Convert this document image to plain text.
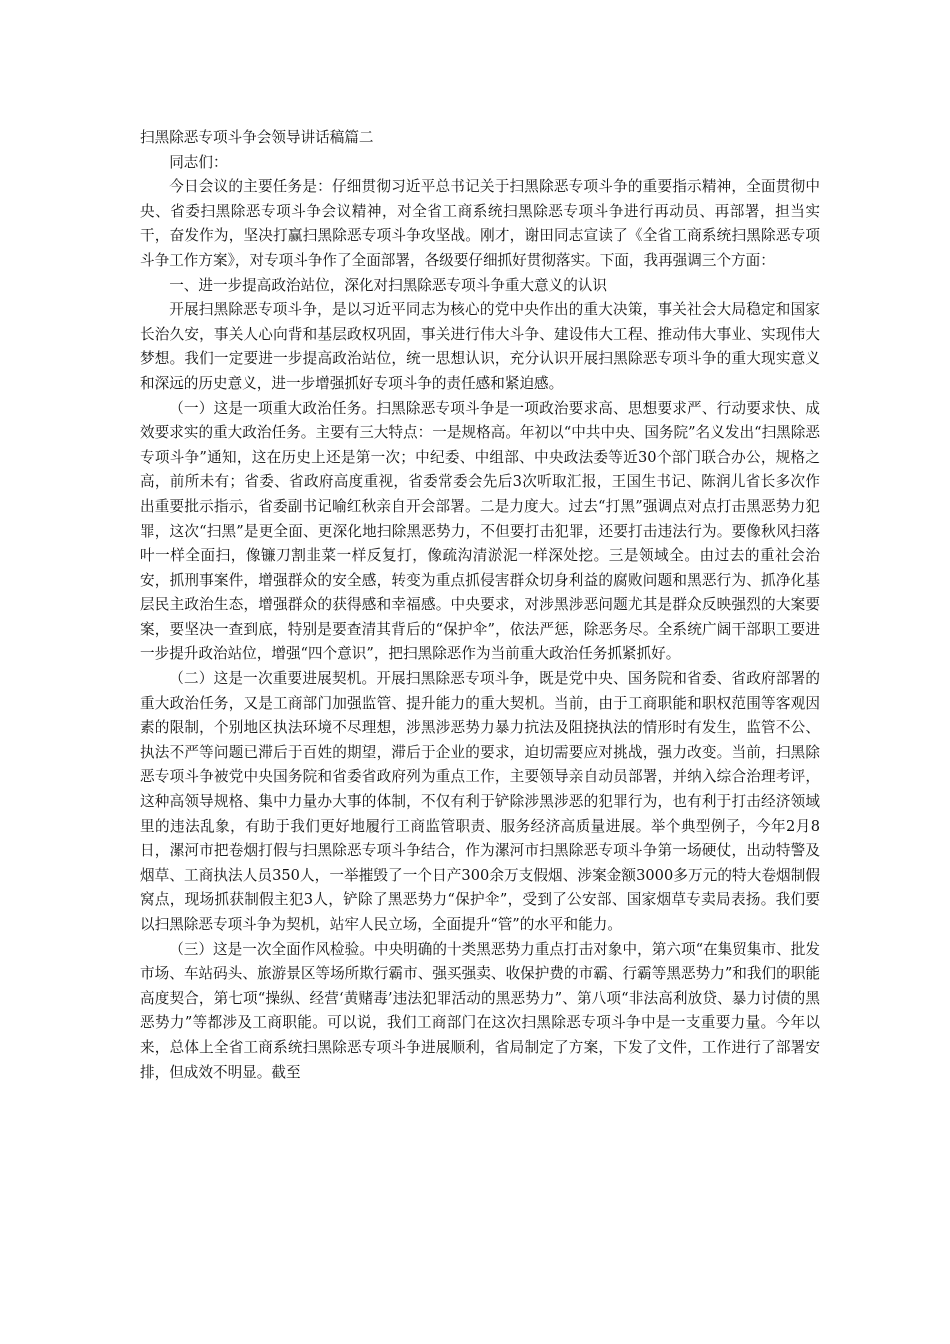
扫黑除恶专项斗争会领导讲话稿篇二

同志们：

今日会议的主要任务是：仔细贯彻习近平总书记关于扫黑除恶专项斗争的重要指示精神，全面贯彻中央、省委扫黑除恶专项斗争会议精神，对全省工商系统扫黑除恶专项斗争进行再动员、再部署，担当实干，奋发作为，坚决打赢扫黑除恶专项斗争攻坚战。刚才，谢田同志宣读了《全省工商系统扫黑除恶专项斗争工作方案》，对专项斗争作了全面部署，各级要仔细抓好贯彻落实。下面，我再强调三个方面：

一、进一步提高政治站位，深化对扫黑除恶专项斗争重大意义的认识

开展扫黑除恶专项斗争，是以习近平同志为核心的党中央作出的重大决策，事关社会大局稳定和国家长治久安，事关人心向背和基层政权巩固，事关进行伟大斗争、建设伟大工程、推动伟大事业、实现伟大梦想。我们一定要进一步提高政治站位，统一思想认识，充分认识开展扫黑除恶专项斗争的重大现实意义和深远的历史意义，进一步增强抓好专项斗争的责任感和紧迫感。

（一）这是一项重大政治任务。扫黑除恶专项斗争是一项政治要求高、思想要求严、行动要求快、成效要求实的重大政治任务。主要有三大特点：一是规格高。年初以“中共中央、国务院”名义发出“扫黑除恶专项斗争”通知，这在历史上还是第一次；中纪委、中组部、中央政法委等近30个部门联合办公，规格之高，前所未有；省委、省政府高度重视，省委常委会先后3次听取汇报，王国生书记、陈润儿省长多次作出重要批示指示，省委副书记喻红秋亲自开会部署。二是力度大。过去“打黑”强调点对点打击黑恶势力犯罪，这次“扫黑”是更全面、更深化地扫除黑恶势力，不但要打击犯罪，还要打击违法行为。要像秋风扫落叶一样全面扫，像镰刀割韭菜一样反复打，像疏沟清淤泥一样深处挖。三是领域全。由过去的重社会治安，抓刑事案件，增强群众的安全感，转变为重点抓侵害群众切身利益的腐败问题和黑恶行为、抓净化基层民主政治生态，增强群众的获得感和幸福感。中央要求，对涉黑涉恶问题尤其是群众反映强烈的大案要案，要坚决一查到底，特别是要查清其背后的“保护伞”，依法严惩，除恶务尽。全系统广阔干部职工要进一步提升政治站位，增强“四个意识”，把扫黑除恶作为当前重大政治任务抓紧抓好。

（二）这是一次重要进展契机。开展扫黑除恶专项斗争，既是党中央、国务院和省委、省政府部署的重大政治任务，又是工商部门加强监管、提升能力的重大契机。当前，由于工商职能和职权范围等客观因素的限制，个别地区执法环境不尽理想，涉黑涉恶势力暴力抗法及阻挠执法的情形时有发生，监管不公、执法不严等问题已滞后于百姓的期望，滞后于企业的要求，迫切需要应对挑战，强力改变。当前，扫黑除恶专项斗争被党中央国务院和省委省政府列为重点工作，主要领导亲自动员部署，并纳入综合治理考评，这种高领导规格、集中力量办大事的体制，不仅有利于铲除涉黑涉恶的犯罪行为，也有利于打击经济领域里的违法乱象，有助于我们更好地履行工商监管职责、服务经济高质量进展。举个典型例子，今年2月8日，漯河市把卷烟打假与扫黑除恶专项斗争结合，作为漯河市扫黑除恶专项斗争第一场硬仗，出动特警及烟草、工商执法人员350人，一举摧毁了一个日产300余万支假烟、涉案金额3000多万元的特大卷烟制假窝点，现场抓获制假主犯3人，铲除了黑恶势力“保护伞”，受到了公安部、国家烟草专卖局表扬。我们要以扫黑除恶专项斗争为契机，站牢人民立场，全面提升“管”的水平和能力。

（三）这是一次全面作风检验。中央明确的十类黑恶势力重点打击对象中，第六项“在集贸集市、批发市场、车站码头、旅游景区等场所欺行霸市、强买强卖、收保护费的市霸、行霸等黑恶势力”和我们的职能高度契合，第七项“操纵、经营‘黄赌毒’违法犯罪活动的黑恶势力”、第八项“非法高利放贷、暴力讨债的黑恶势力”等都涉及工商职能。可以说，我们工商部门在这次扫黑除恶专项斗争中是一支重要力量。今年以来，总体上全省工商系统扫黑除恶专项斗争进展顺利，省局制定了方案，下发了文件，工作进行了部署安排，但成效不明显。截至
